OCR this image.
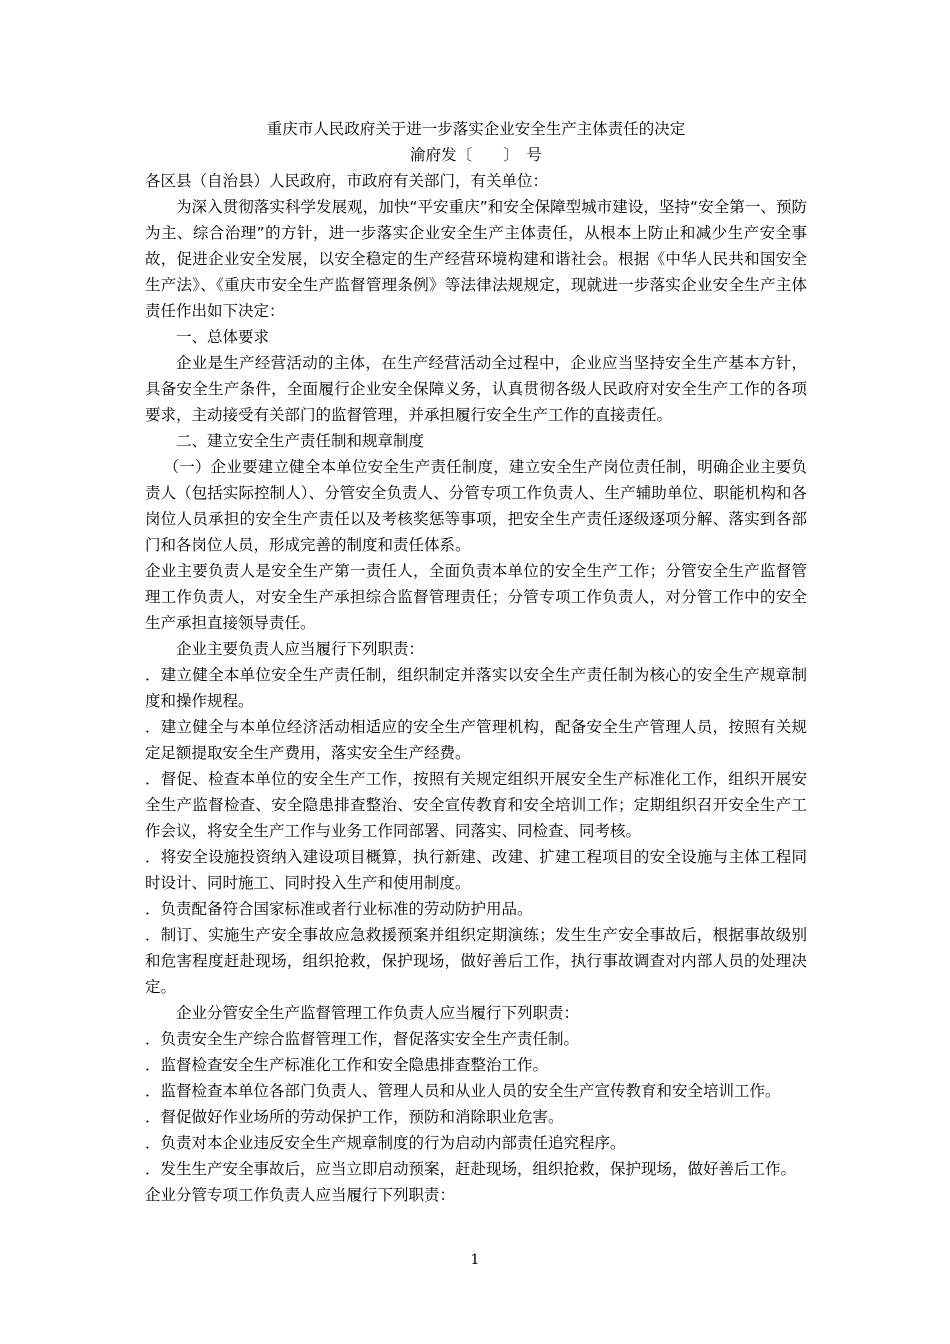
重庆市人民政府关于进一步落实企业安全生产主体责任的决定

渝府发〔　　〕　号

各区县（自治县）人民政府，市政府有关部门，有关单位：

为深入贯彻落实科学发展观，加快“平安重庆”和安全保障型城市建设，坚持“安全第一、预防为主、综合治理”的方针，进一步落实企业安全生产主体责任，从根本上防止和减少生产安全事故，促进企业安全发展，以安全稳定的生产经营环境构建和谐社会。根据《中华人民共和国安全生产法》、《重庆市安全生产监督管理条例》等法律法规规定，现就进一步落实企业安全生产主体责任作出如下决定：

一、总体要求

企业是生产经营活动的主体，在生产经营活动全过程中，企业应当坚持安全生产基本方针，具备安全生产条件，全面履行企业安全保障义务，认真贯彻各级人民政府对安全生产工作的各项要求，主动接受有关部门的监督管理，并承担履行安全生产工作的直接责任。

二、建立安全生产责任制和规章制度

（一）企业要建立健全本单位安全生产责任制度，建立安全生产岗位责任制，明确企业主要负责人（包括实际控制人）、分管安全负责人、分管专项工作负责人、生产辅助单位、职能机构和各岗位人员承担的安全生产责任以及考核奖惩等事项，把安全生产责任逐级逐项分解、落实到各部门和各岗位人员，形成完善的制度和责任体系。

企业主要负责人是安全生产第一责任人，全面负责本单位的安全生产工作；分管安全生产监督管理工作负责人，对安全生产承担综合监督管理责任；分管专项工作负责人，对分管工作中的安全生产承担直接领导责任。

企业主要负责人应当履行下列职责：

．建立健全本单位安全生产责任制，组织制定并落实以安全生产责任制为核心的安全生产规章制度和操作规程。

．建立健全与本单位经济活动相适应的安全生产管理机构，配备安全生产管理人员，按照有关规定足额提取安全生产费用，落实安全生产经费。

．督促、检查本单位的安全生产工作，按照有关规定组织开展安全生产标准化工作，组织开展安全生产监督检查、安全隐患排查整治、安全宣传教育和安全培训工作；定期组织召开安全生产工作会议，将安全生产工作与业务工作同部署、同落实、同检查、同考核。

．将安全设施投资纳入建设项目概算，执行新建、改建、扩建工程项目的安全设施与主体工程同时设计、同时施工、同时投入生产和使用制度。

．负责配备符合国家标准或者行业标准的劳动防护用品。

．制订、实施生产安全事故应急救援预案并组织定期演练；发生生产安全事故后，根据事故级别和危害程度赶赴现场，组织抢救，保护现场，做好善后工作，执行事故调查对内部人员的处理决定。

企业分管安全生产监督管理工作负责人应当履行下列职责：

．负责安全生产综合监督管理工作，督促落实安全生产责任制。

．监督检查安全生产标准化工作和安全隐患排查整治工作。

．监督检查本单位各部门负责人、管理人员和从业人员的安全生产宣传教育和安全培训工作。

．督促做好作业场所的劳动保护工作，预防和消除职业危害。

．负责对本企业违反安全生产规章制度的行为启动内部责任追究程序。

．发生生产安全事故后，应当立即启动预案，赶赴现场，组织抢救，保护现场，做好善后工作。

企业分管专项工作负责人应当履行下列职责：

1
